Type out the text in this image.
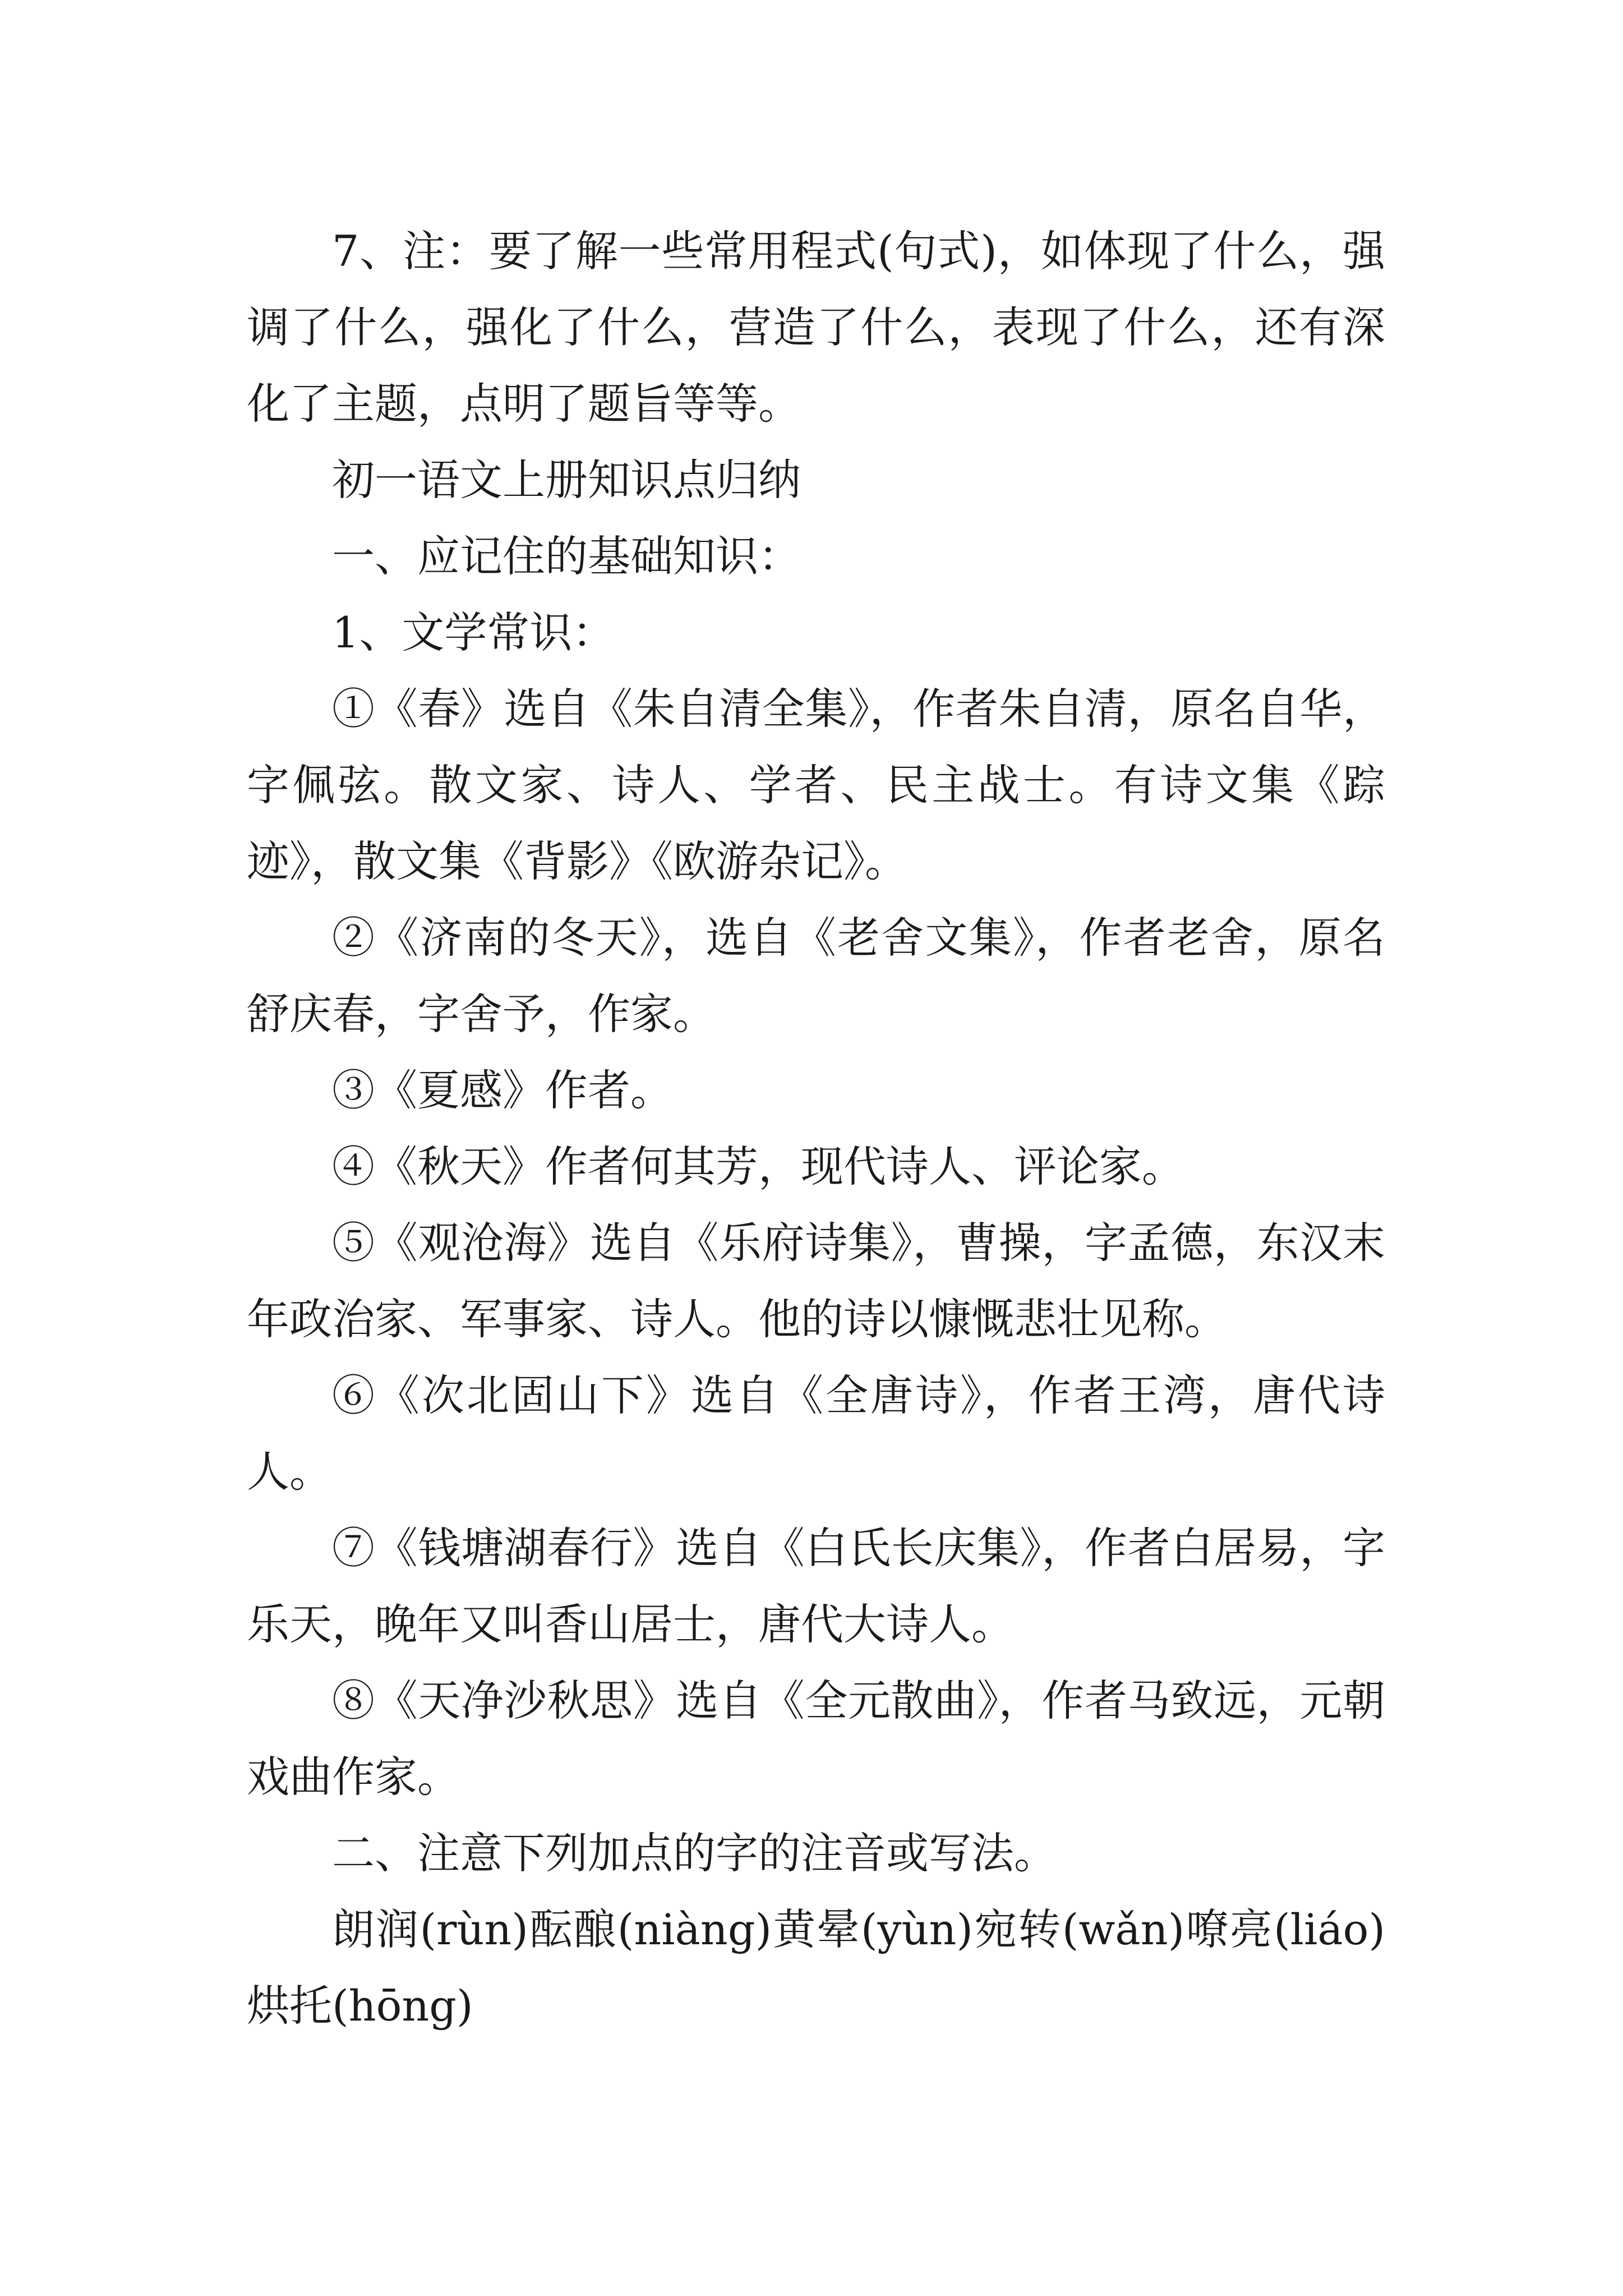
7、注：要了解一些常用程式(句式)，如体现了什么，强调了什么，强化了什么，营造了什么，表现了什么，还有深化了主题，点明了题旨等等。

初一语文上册知识点归纳

一、应记住的基础知识：

1、文学常识：

①《春》选自《朱自清全集》，作者朱自清，原名自华，字佩弦。散文家、诗人、学者、民主战士。有诗文集《踪迹》，散文集《背影》《欧游杂记》。

②《济南的冬天》，选自《老舍文集》，作者老舍，原名舒庆春，字舍予，作家。

③《夏感》作者。

④《秋天》作者何其芳，现代诗人、评论家。

⑤《观沧海》选自《乐府诗集》，曹操，字孟德，东汉末年政治家、军事家、诗人。他的诗以慷慨悲壮见称。

⑥《次北固山下》选自《全唐诗》，作者王湾，唐代诗人。

⑦《钱塘湖春行》选自《白氏长庆集》，作者白居易，字乐天，晚年又叫香山居士，唐代大诗人。

⑧《天净沙秋思》选自《全元散曲》，作者马致远，元朝戏曲作家。

二、注意下列加点的字的注音或写法。

朗润(rùn)酝酿(niàng)黄晕(yùn)宛转(wǎn)嘹亮(liáo)烘托(hōng)
